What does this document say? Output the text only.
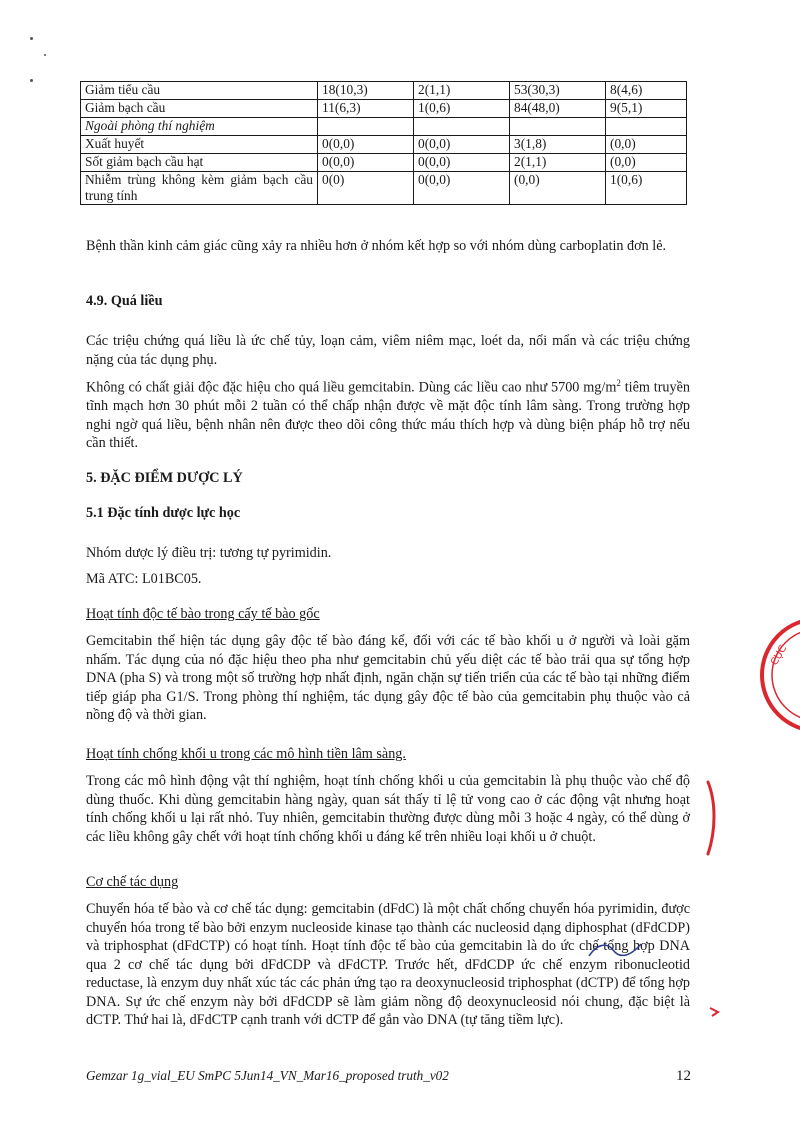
Giảm tiểu cầu	18(10,3)	2(1,1)	53(30,3)	8(4,6)
Giảm bạch cầu	11(6,3)	1(0,6)	84(48,0)	9(5,1)
Ngoài phòng thí nghiệm				
Xuất huyết	0(0,0)	0(0,0)	3(1,8)	(0,0)
Sốt giảm bạch cầu hạt	0(0,0)	0(0,0)	2(1,1)	(0,0)
Nhiễm trùng không kèm giảm bạch cầu trung tính	0(0)	0(0,0)	(0,0)	1(0,6)

Bệnh thần kinh cảm giác cũng xảy ra nhiều hơn ở nhóm kết hợp so với nhóm dùng carboplatin đơn lẻ.

4.9. Quá liều

Các triệu chứng quá liều là ức chế tủy, loạn cảm, viêm niêm mạc, loét da, nổi mẩn và các triệu chứng nặng của tác dụng phụ.

Không có chất giải độc đặc hiệu cho quá liều gemcitabin. Dùng các liều cao như 5700 $mg/m^2$ tiêm truyền tĩnh mạch hơn 30 phút mỗi 2 tuần có thể chấp nhận được về mặt độc tính lâm sàng. Trong trường hợp nghi ngờ quá liều, bệnh nhân nên được theo dõi công thức máu thích hợp và dùng biện pháp hỗ trợ nếu cần thiết.

5. ĐẶC ĐIỂM DƯỢC LÝ
5.1 Đặc tính dược lực học

Nhóm dược lý điều trị: tương tự pyrimidin.

Mã ATC: L01BC05.

Hoạt tính độc tế bào trong cấy tế bào gốc

Gemcitabin thể hiện tác dụng gây độc tế bào đáng kể, đối với các tế bào khối u ở người và loài gặm nhấm. Tác dụng của nó đặc hiệu theo pha như gemcitabin chủ yếu diệt các tế bào trải qua sự tổng hợp DNA (pha S) và trong một số trường hợp nhất định, ngăn chặn sự tiến triển của các tế bào tại những điểm tiếp giáp pha G1/S. Trong phòng thí nghiệm, tác dụng gây độc tế bào của gemcitabin phụ thuộc vào cả nồng độ và thời gian.

Hoạt tính chống khối u trong các mô hình tiền lâm sàng.

Trong các mô hình động vật thí nghiệm, hoạt tính chống khối u của gemcitabin là phụ thuộc vào chế độ dùng thuốc. Khi dùng gemcitabin hàng ngày, quan sát thấy tỉ lệ tử vong cao ở các động vật nhưng hoạt tính chống khối u lại rất nhỏ. Tuy nhiên, gemcitabin thường được dùng mỗi 3 hoặc 4 ngày, có thể dùng ở các liều không gây chết với hoạt tính chống khối u đáng kể trên nhiều loại khối u ở chuột.

Cơ chế tác dụng

Chuyển hóa tế bào và cơ chế tác dụng: gemcitabin (dFdC) là một chất chống chuyển hóa pyrimidin, được chuyển hóa trong tế bào bởi enzym nucleoside kinase tạo thành các nucleosid dạng diphosphat (dFdCDP) và triphosphat (dFdCTP) có hoạt tính. Hoạt tính độc tế bào của gemcitabin là do ức chế tổng hợp DNA qua 2 cơ chế tác dụng bởi dFdCDP và dFdCTP. Trước hết, dFdCDP ức chế enzym ribonucleotid reductase, là enzym duy nhất xúc tác các phản ứng tạo ra deoxynucleosid triphosphat (dCTP) để tổng hợp DNA. Sự ức chế enzym này bởi dFdCDP sẽ làm giảm nồng độ deoxynucleosid nói chung, đặc biệt là dCTP. Thứ hai là, dFdCTP cạnh tranh với dCTP để gắn vào DNA (tự tăng tiềm lực).

Gemzar 1g_vial_EU SmPC 5Jun14_VN_Mar16_proposed truth_v02	12
CỤC
